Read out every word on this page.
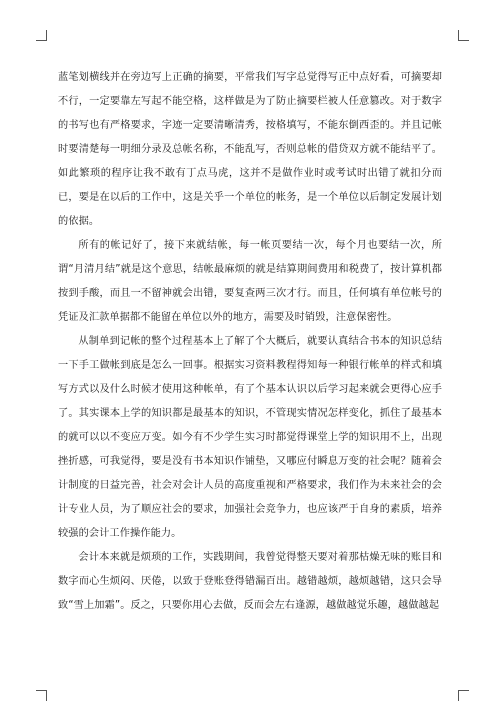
蓝笔划横线并在旁边写上正确的摘要，平常我们写字总觉得写正中点好看，可摘要却不行，一定要靠左写起不能空格，这样做是为了防止摘要栏被人任意篡改。对于数字的书写也有严格要求，字迹一定要清晰清秀，按格填写，不能东倒西歪的。并且记帐时要清楚每一明细分录及总帐名称，不能乱写，否则总帐的借贷双方就不能结平了。如此繁琐的程序让我不敢有丁点马虎，这并不是做作业时或考试时出错了就扣分而已，要是在以后的工作中，这是关乎一个单位的帐务，是一个单位以后制定发展计划的依据。

所有的帐记好了，接下来就结帐，每一帐页要结一次，每个月也要结一次，所谓“月清月结”就是这个意思，结帐最麻烦的就是结算期间费用和税费了，按计算机都按到手酸，而且一不留神就会出错，要复查两三次才行。而且，任何填有单位帐号的凭证及汇款单据都不能留在单位以外的地方，需要及时销毁，注意保密性。

从制单到记帐的整个过程基本上了解了个大概后，就要认真结合书本的知识总结一下手工做帐到底是怎么一回事。根据实习资料教程得知每一种银行帐单的样式和填写方式以及什么时候才使用这种帐单，有了个基本认识以后学习起来就会更得心应手了。其实课本上学的知识都是最基本的知识，不管现实情况怎样变化，抓住了最基本的就可以以不变应万变。如今有不少学生实习时都觉得课堂上学的知识用不上，出现挫折感，可我觉得，要是没有书本知识作铺垫，又哪应付瞬息万变的社会呢？随着会计制度的日益完善，社会对会计人员的高度重视和严格要求，我们作为未来社会的会计专业人员，为了顺应社会的要求，加强社会竞争力，也应该严于自身的素质，培养较强的会计工作操作能力。

会计本来就是烦琐的工作，实践期间，我曾觉得整天要对着那枯燥无味的账目和数字而心生烦闷、厌倦，以致于登账登得错漏百出。越错越烦，越烦越错，这只会导致“雪上加霜”。反之，只要你用心去做，反而会左右逢源，越做越觉乐趣，越做越起
